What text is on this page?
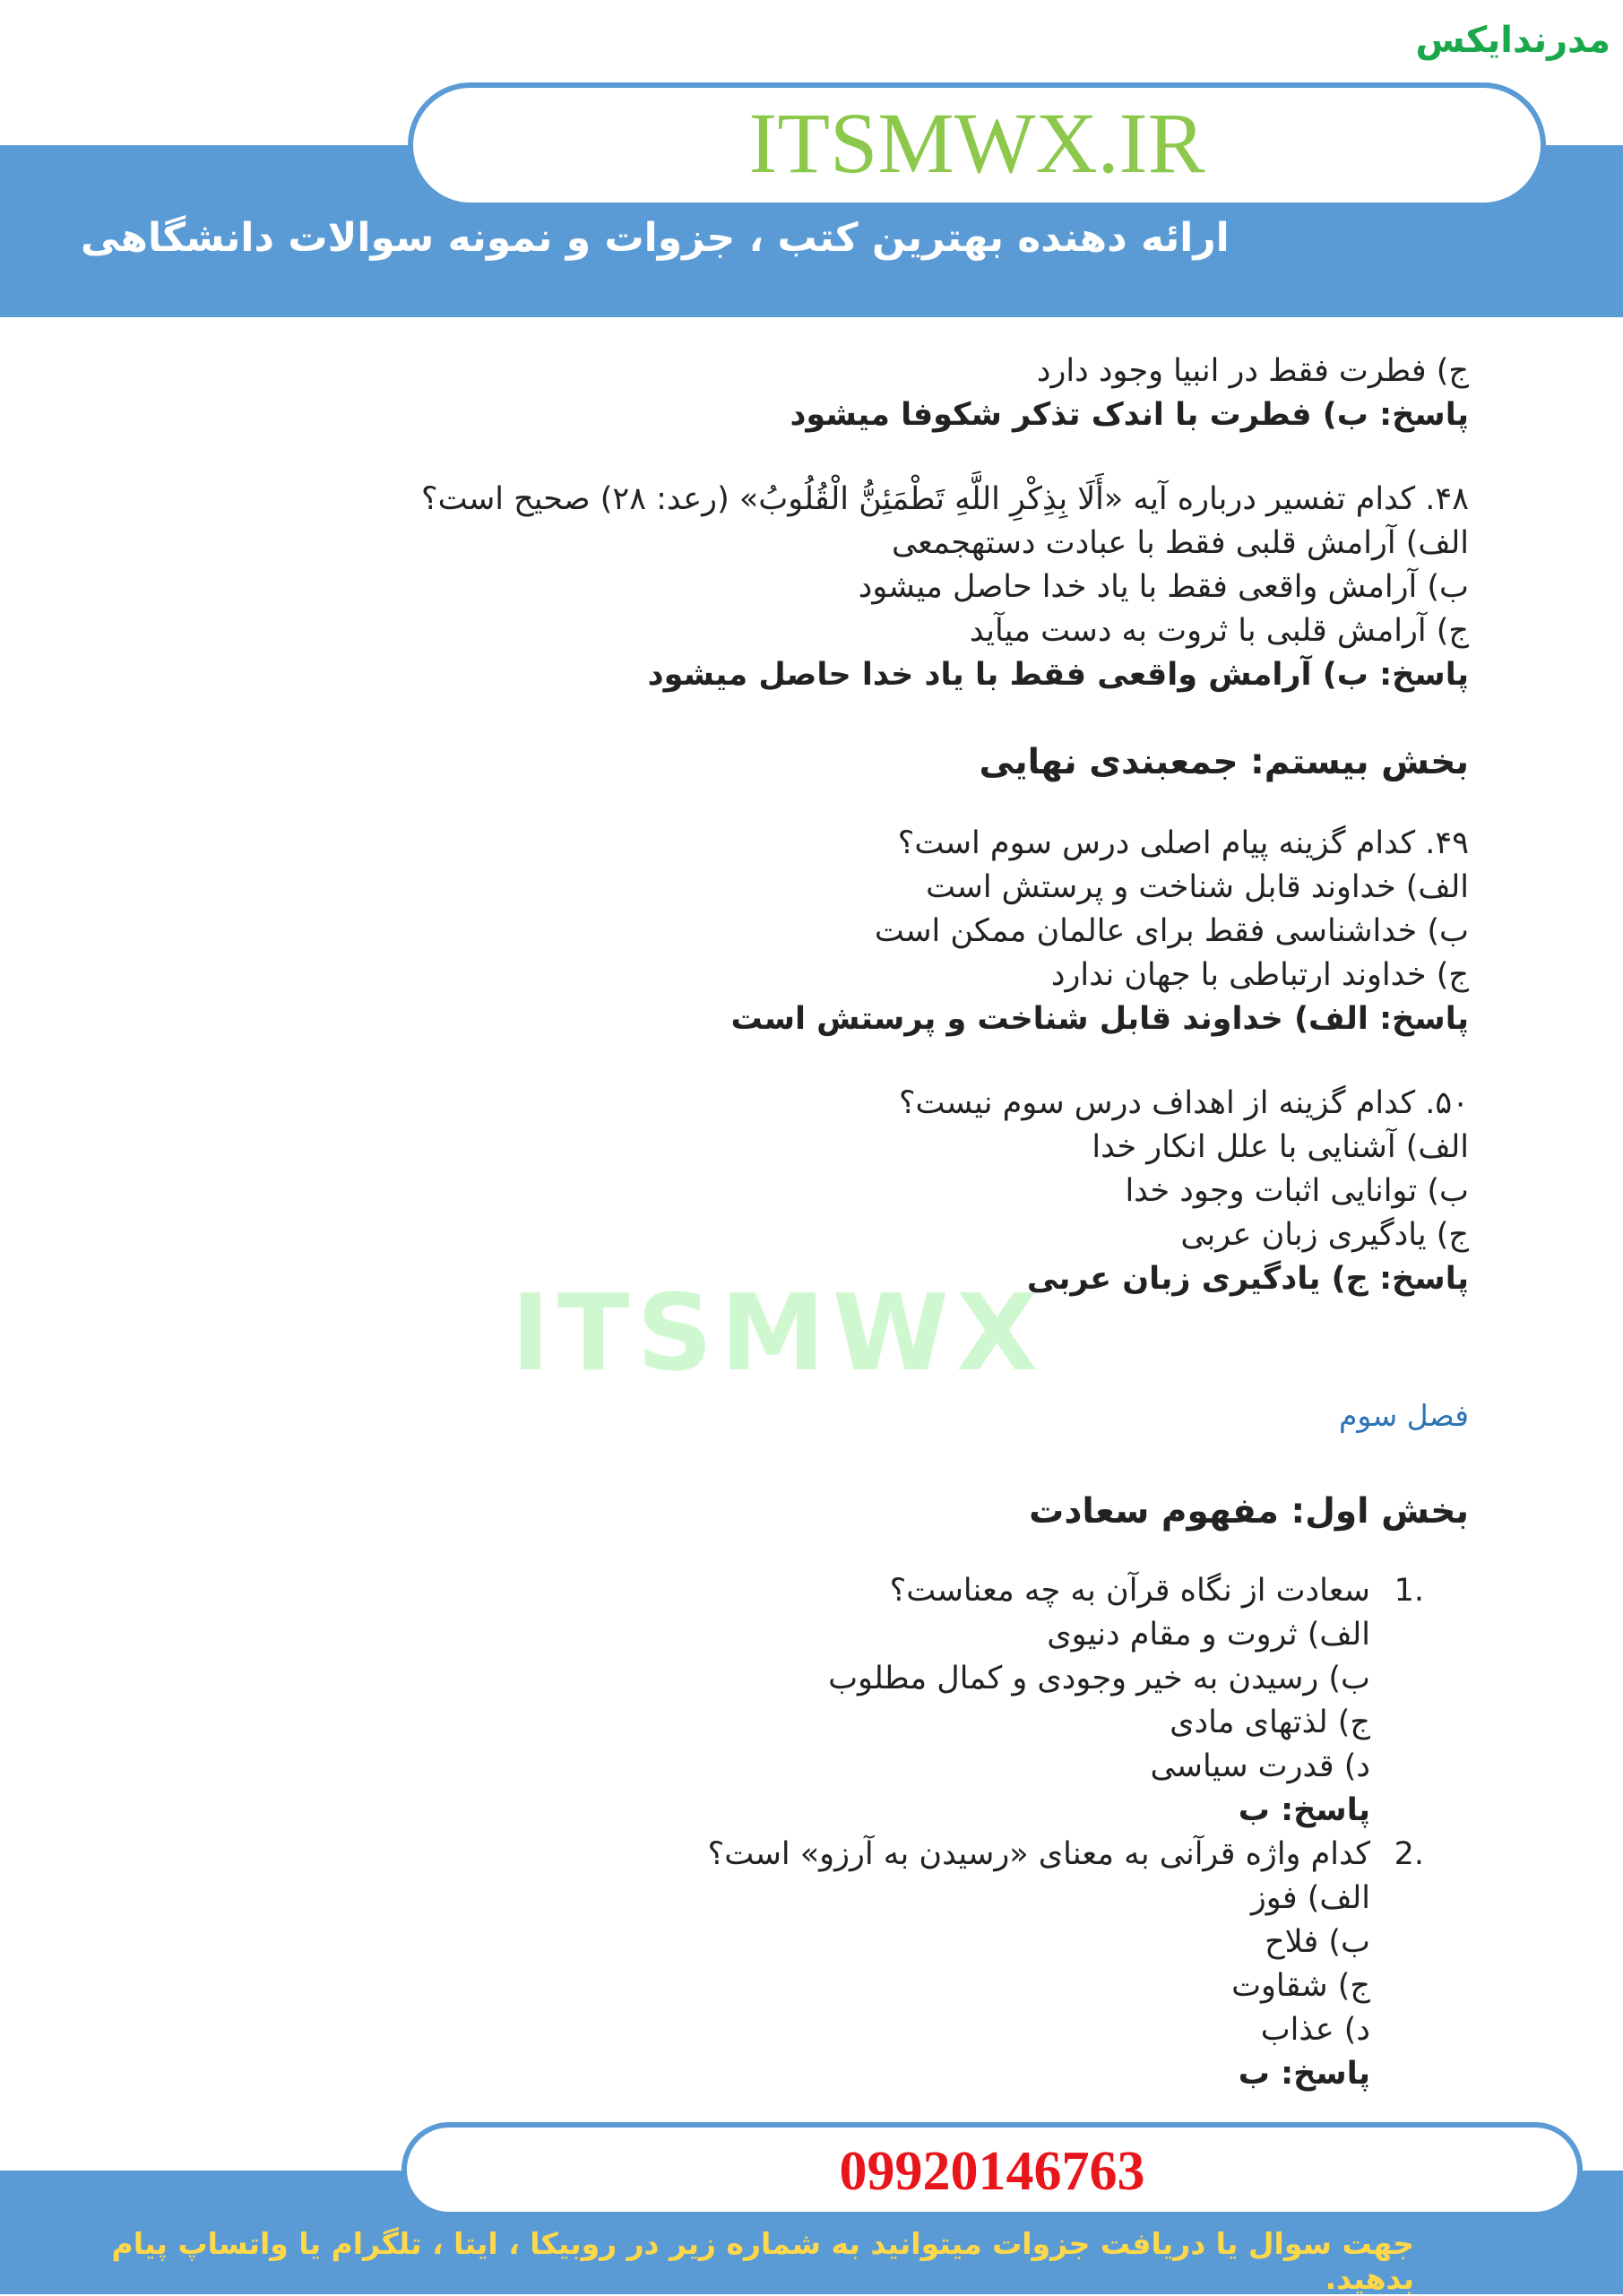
مدرندایکس
ITSMWX.IR
ارائه دهنده بهترین کتب ، جزوات و نمونه سوالات دانشگاهی
ITSMWX
ج) فطرت فقط در انبیا وجود دارد
پاسخ: ب) فطرت با اندک تذکر شکوفا میشود
۴۸. کدام تفسیر درباره آیه «أَلَا بِذِكْرِ اللَّهِ تَطْمَئِنُّ الْقُلُوبُ» (رعد: ۲۸) صحیح است؟
الف) آرامش قلبی فقط با عبادت دستهجمعی
ب) آرامش واقعی فقط با یاد خدا حاصل میشود
ج) آرامش قلبی با ثروت به دست میآید
پاسخ: ب) آرامش واقعی فقط با یاد خدا حاصل میشود
بخش بیستم: جمعبندی نهایی
۴۹. کدام گزینه پیام اصلی درس سوم است؟
الف) خداوند قابل شناخت و پرستش است
ب) خداشناسی فقط برای عالمان ممکن است
ج) خداوند ارتباطی با جهان ندارد
پاسخ: الف) خداوند قابل شناخت و پرستش است
۵۰. کدام گزینه از اهداف درس سوم نیست؟
الف) آشنایی با علل انکار خدا
ب) توانایی اثبات وجود خدا
ج) یادگیری زبان عربی
پاسخ: ج) یادگیری زبان عربی
فصل سوم
بخش اول: مفهوم سعادت
1.
سعادت از نگاه قرآن به چه معناست؟
الف) ثروت و مقام دنیوی
ب) رسیدن به خیر وجودی و کمال مطلوب
ج) لذتهای مادی
د) قدرت سیاسی
پاسخ: ب
2.
کدام واژه قرآنی به معنای «رسیدن به آرزو» است؟
الف) فوز
ب) فلاح
ج) شقاوت
د) عذاب
پاسخ: ب
09920146763
جهت سوال یا دریافت جزوات میتوانید به شماره زیر در روبیکا ، ایتا ، تلگرام یا واتساپ پیام بدهید.
